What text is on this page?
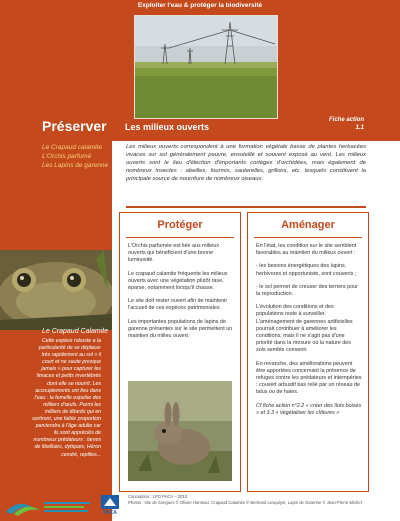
Exploiter l'eau & protéger la biodiversité
Préserver Les milieux ouverts
Fiche action
1.1
Le Crapaud calamite
L'Orchis parfumé
Les Lapins de garenne
Le Crapaud Calamite
Cette espèce robuste a la particularité de se déplacer très rapidement au sol « il court et ne saute presque jamais » pour capturer les limaces et petits invertébrés dont elle se nourrit. Les accouplements ont lieu dans l'eau : la femelle expulse des milliers d'œufs. Parmi les milliers de têtards qui en sortiront, une faible proportion parviendra à l'âge adulte car ils sont appréciés de nombreux prédateurs : larves de libellules, dytiques, Héron cendré, reptiles...

Les milieux ouverts correspondent à une formation végétale basse de plantes herbacées vivaces sur sol généralement pauvre, ensoleillé et souvent exposé au vent. Les milieux ouverts sont le lieu d'élection d'importants cortèges d'orchidées, mais également de nombreux insectes : abeilles, fourmis, sauterelles, grillons, etc. lesquels constituent la principale source de nourriture de nombreux oiseaux.

Protéger

L'Orchis parfumée est liée aux milieux ouverts qui bénéficient d'une bonne luminosité.

Le crapaud calamite fréquente les milieux ouverts avec une végétation plutôt rase, éparse, notamment lorsqu'il chasse.

Le site doit rester ouvert afin de maintenir l'accueil de ces espèces patrimoniales.

Les importantes populations de lapins de garenne présentes sur le site permettent un maintien du milieu ouvert.

Aménager

En l'état, les condition sur le site semblent favorables au maintien du milieux ouvert :

- les besoins énergétiques des lapins, herbivores et opportuniste, sont couverts ;

- le sol permet de creuser des terriers pour la reproduction.

L'évolution des conditions et des populations reste à surveiller. L'aménagement de garennes artificielles pourrait contribuer à améliorer les conditions, mais il ne s'agit pas d'une priorité dans la mesure où la nature des sols semble convenir.

En revanche, des améliorations peuvent être apportées concernant la présence de refuges contre les prédateurs et intempéries : couvert arbustif bas relié par un réseau de talus ou de haies.

Cf fiche action n°2.2 « créer des îlots boisés » et 3.3 « végétaliser les clôtures »

PACA
Conception : LPO PACA – 2010
Photos : site de Songues © Olivier Hameau, Crapaud Calamite © Bertrand Lesquiyer, Lapin de Garenne © Jean-Pierre Michel
